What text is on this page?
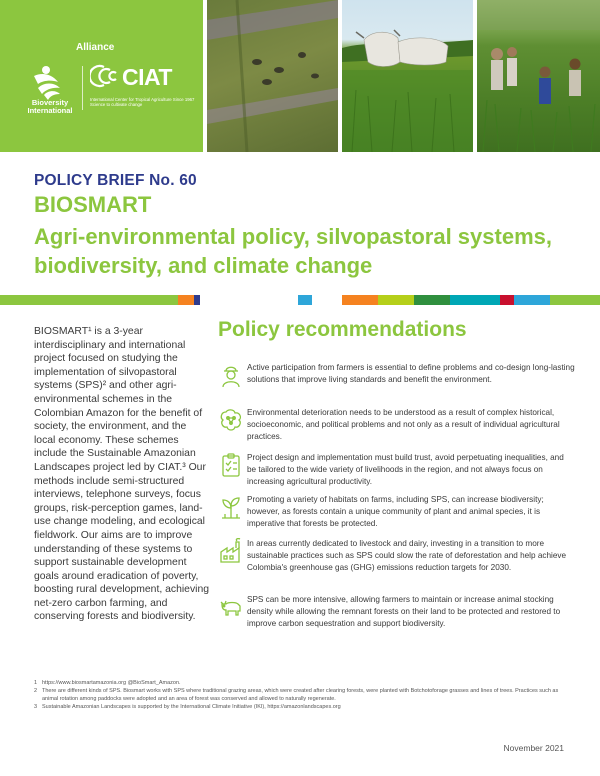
Alliance
Bioversity International
CIAT
International Center for Tropical Agriculture Since 1967 Science to cultivate change
POLICY BRIEF No. 60
BIOSMART
Agri-environmental policy, silvopastoral systems, biodiversity, and climate change
BIOSMART¹ is a 3-year interdisciplinary and international project focused on studying the implementation of silvopastoral systems (SPS)² and other agri-environmental schemes in the Colombian Amazon for the benefit of society, the environment, and the local economy. These schemes include the Sustainable Amazonian Landscapes project led by CIAT.³ Our methods include semi-structured interviews, telephone surveys, focus groups, risk-perception games, land-use change modeling, and ecological fieldwork. Our aims are to improve understanding of these systems to support sustainable development goals around eradication of poverty, boosting rural development, achieving net-zero carbon farming, and conserving forests and biodiversity.
Policy recommendations
Active participation from farmers is essential to define problems and co-design long-lasting solutions that improve living standards and benefit the environment.
Environmental deterioration needs to be understood as a result of complex historical, socioeconomic, and political problems and not only as a result of individual agricultural practices.
Project design and implementation must build trust, avoid perpetuating inequalities, and be tailored to the wide variety of livelihoods in the region, and not always focus on increasing agricultural productivity.
Promoting a variety of habitats on farms, including SPS, can increase biodiversity; however, as forests contain a unique community of plant and animal species, it is imperative that forests be protected.
In areas currently dedicated to livestock and dairy, investing in a transition to more sustainable practices such as SPS could slow the rate of deforestation and help achieve Colombia's greenhouse gas (GHG) emissions reduction targets for 2030.
SPS can be more intensive, allowing farmers to maintain or increase animal stocking density while allowing the remnant forests on their land to be protected and restored to improve carbon sequestration and support biodiversity.
1 https://www.biosmartamazonia.org @BioSmart_Amazon.
2 There are different kinds of SPS. Biosmart works with SPS where traditional grazing areas, which were created after clearing forests, were planted with Botchotoforage grasses and lines of trees. Practices such as animal rotation among paddocks were adopted and an area of forest was conserved and allowed to naturally regenerate.
3 Sustainable Amazonian Landscapes is supported by the International Climate Initiative (IKI), https://amazonlandscapes.org
November 2021
